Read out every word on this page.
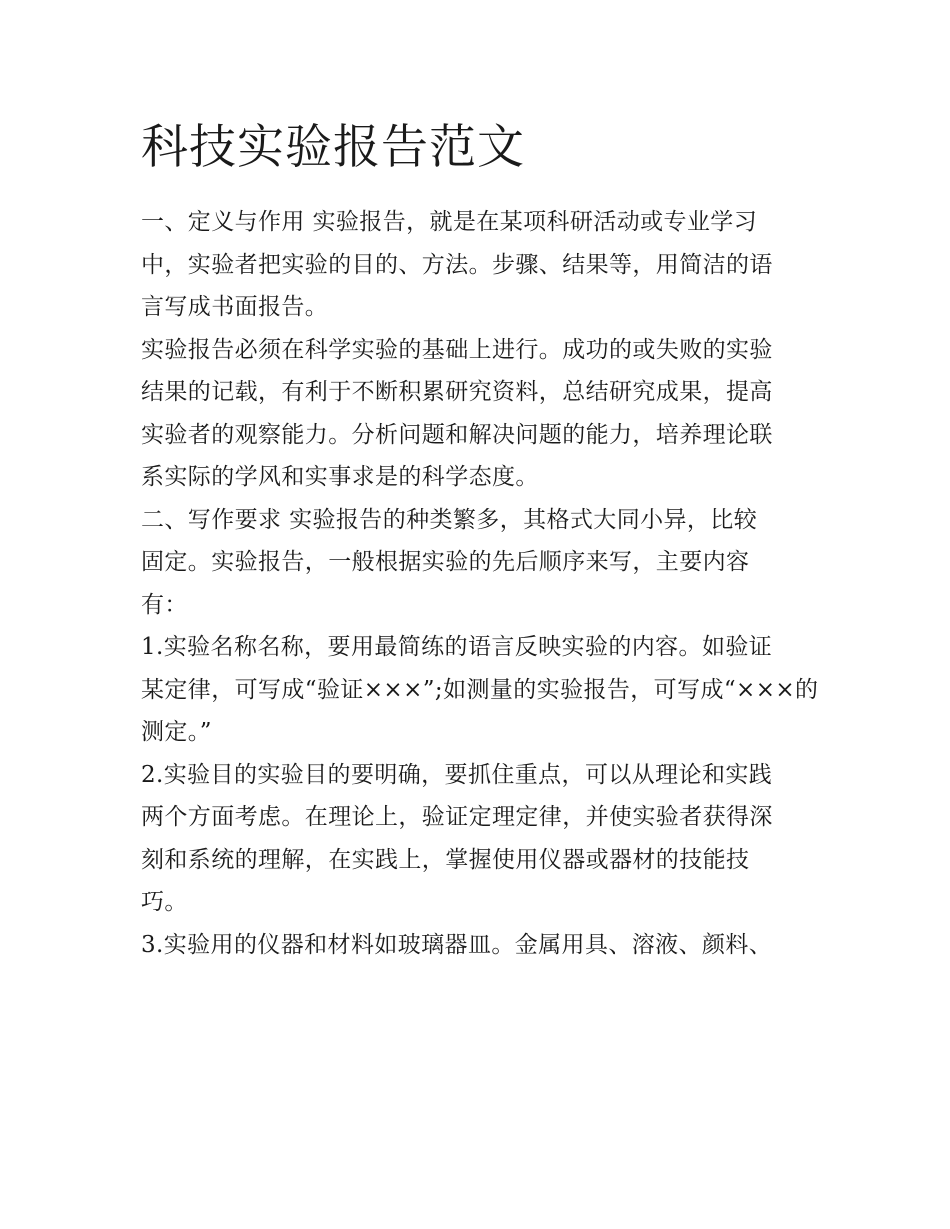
科技实验报告范文

一、定义与作用 实验报告，就是在某项科研活动或专业学习
中，实验者把实验的目的、方法。步骤、结果等，用简洁的语
言写成书面报告。

实验报告必须在科学实验的基础上进行。成功的或失败的实验
结果的记载，有利于不断积累研究资料，总结研究成果，提高
实验者的观察能力。分析问题和解决问题的能力，培养理论联
系实际的学风和实事求是的科学态度。

二、写作要求 实验报告的种类繁多，其格式大同小异，比较
固定。实验报告，一般根据实验的先后顺序来写，主要内容
有：

1.实验名称名称，要用最简练的语言反映实验的内容。如验证
某定律，可写成“验证×××”;如测量的实验报告，可写成“×××的
测定。”

2.实验目的实验目的要明确，要抓住重点，可以从理论和实践
两个方面考虑。在理论上，验证定理定律，并使实验者获得深
刻和系统的理解，在实践上，掌握使用仪器或器材的技能技
巧。

3.实验用的仪器和材料如玻璃器皿。金属用具、溶液、颜料、
